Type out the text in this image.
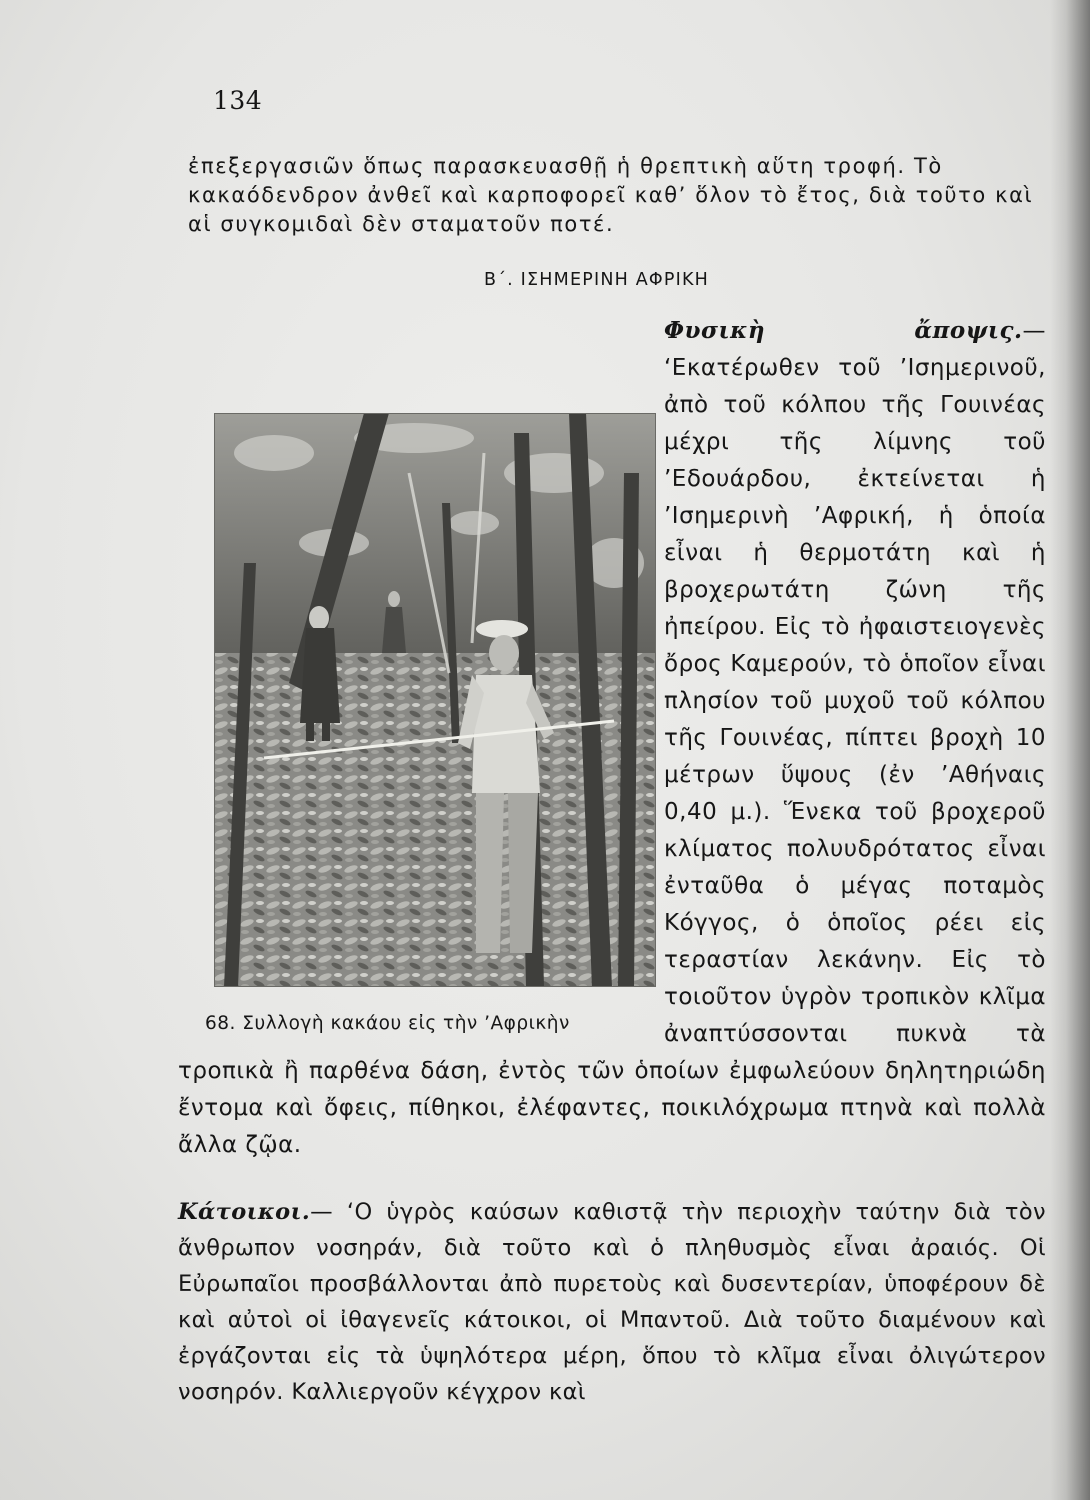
134

ἐπεξεργασιῶν ὅπως παρασκευασθῇ ἡ θρεπτικὴ αὕτη τροφή. Τὸ κακαόδενδρον ἀνθεῖ καὶ καρποφορεῖ καθ’ ὅλον τὸ ἔτος, διὰ τοῦτο καὶ αἱ συγκομιδαὶ δὲν σταματοῦν ποτέ.

Β΄. ΙΣΗΜΕΡΙΝΗ ΑΦΡΙΚΗ

Φυσικὴ ἄποψις.— ‘Εκατέρωθεν τοῦ ’Ισημερινοῦ, ἀπὸ τοῦ κόλπου τῆς Γουινέας μέχρι τῆς λίμνης τοῦ ’Εδουάρδου, ἐκτείνεται ἡ ’Ισημερινὴ ’Αφρική, ἡ ὁποία εἶναι ἡ θερμοτάτη καὶ ἡ βροχερωτάτη ζώνη τῆς ἠπείρου. Εἰς τὸ ἠφαιστειογενὲς ὄρος Καμερούν, τὸ ὁποῖον εἶναι πλησίον τοῦ μυχοῦ τοῦ κόλπου τῆς Γουινέας, πίπτει βροχὴ 10 μέτρων ὕψους (ἐν ’Αθήναις 0,40 μ.). Ἕνεκα τοῦ βροχεροῦ κλίματος πολυυδρότατος εἶναι ἐνταῦθα ὁ μέγας ποταμὸς Κόγγος, ὁ ὁποῖος ρέει εἰς τεραστίαν λεκάνην. Εἰς τὸ τοιοῦτον ὑγρὸν τροπικὸν κλῖμα ἀναπτύσσονται πυκνὰ τὰ τροπικὰ ἢ παρθένα δάση, ἐντὸς τῶν ὁποίων ἐμφωλεύουν δηλητηριώδη ἔντομα καὶ ὄφεις, πίθηκοι, ἐλέφαντες, ποικιλόχρωμα πτηνὰ καὶ πολλὰ ἄλλα ζῷα.

68. Συλλογὴ κακάου εἰς τὴν ’Αφρικὴν

Κάτοικοι.— ‘Ο ὑγρὸς καύσων καθιστᾷ τὴν περιοχὴν ταύτην διὰ τὸν ἄνθρωπον νοσηράν, διὰ τοῦτο καὶ ὁ πληθυσμὸς εἶναι ἀραιός. Οἱ Εὐρωπαῖοι προσβάλλονται ἀπὸ πυρετοὺς καὶ δυσεντερίαν, ὑποφέρουν δὲ καὶ αὐτοὶ οἱ ἰθαγενεῖς κάτοικοι, οἱ Μπαντοῦ. Διὰ τοῦτο διαμένουν καὶ ἐργάζονται εἰς τὰ ὑψηλότερα μέρη, ὅπου τὸ κλῖμα εἶναι ὀλιγώτερον νοσηρόν. Καλλιεργοῦν κέγχρον καὶ
